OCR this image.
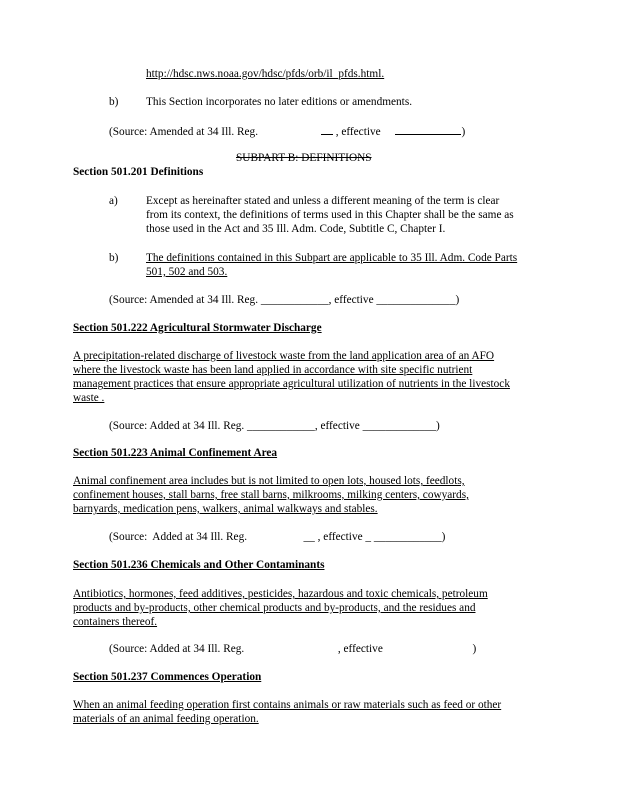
http://hdsc.nws.noaa.gov/hdsc/pfds/orb/il_pfds.html.
b) This Section incorporates no later editions or amendments.
(Source: Amended at 34 Ill. Reg.	, effective	)
SUBPART B: DEFINITIONS
Section 501.201 Definitions
a) Except as hereinafter stated and unless a different meaning of the term is clear
from its context, the definitions of terms used in this Chapter shall be the same as
those used in the Act and 35 Ill. Adm. Code, Subtitle C, Chapter I.
b) The definitions contained in this Subpart are applicable to 35 Ill. Adm. Code Parts
501, 502 and 503.
(Source: Amended at 34 Ill. Reg. ____________, effective ______________)
Section 501.222 Agricultural Stormwater Discharge
A precipitation-related discharge of livestock waste from the land application area of an AFO
where the livestock waste has been land applied in accordance with site specific nutrient
management practices that ensure appropriate agricultural utilization of nutrients in the livestock
waste .
(Source: Added at 34 Ill. Reg. ____________, effective _____________)
Section 501.223 Animal Confinement Area
Animal confinement area includes but is not limited to open lots, housed lots, feedlots,
confinement houses, stall barns, free stall barns, milkrooms, milking centers, cowyards,
barnyards, medication pens, walkers, animal walkways and stables.
(Source:  Added at 34 Ill. Reg.                    __ , effective _ ____________)
Section 501.236 Chemicals and Other Contaminants
Antibiotics, hormones, feed additives, pesticides, hazardous and toxic chemicals, petroleum
products and by-products, other chemical products and by-products, and the residues and
containers thereof.
(Source: Added at 34 Ill. Reg.	, effective	)
Section 501.237 Commences Operation
When an animal feeding operation first contains animals or raw materials such as feed or other
materials of an animal feeding operation.
